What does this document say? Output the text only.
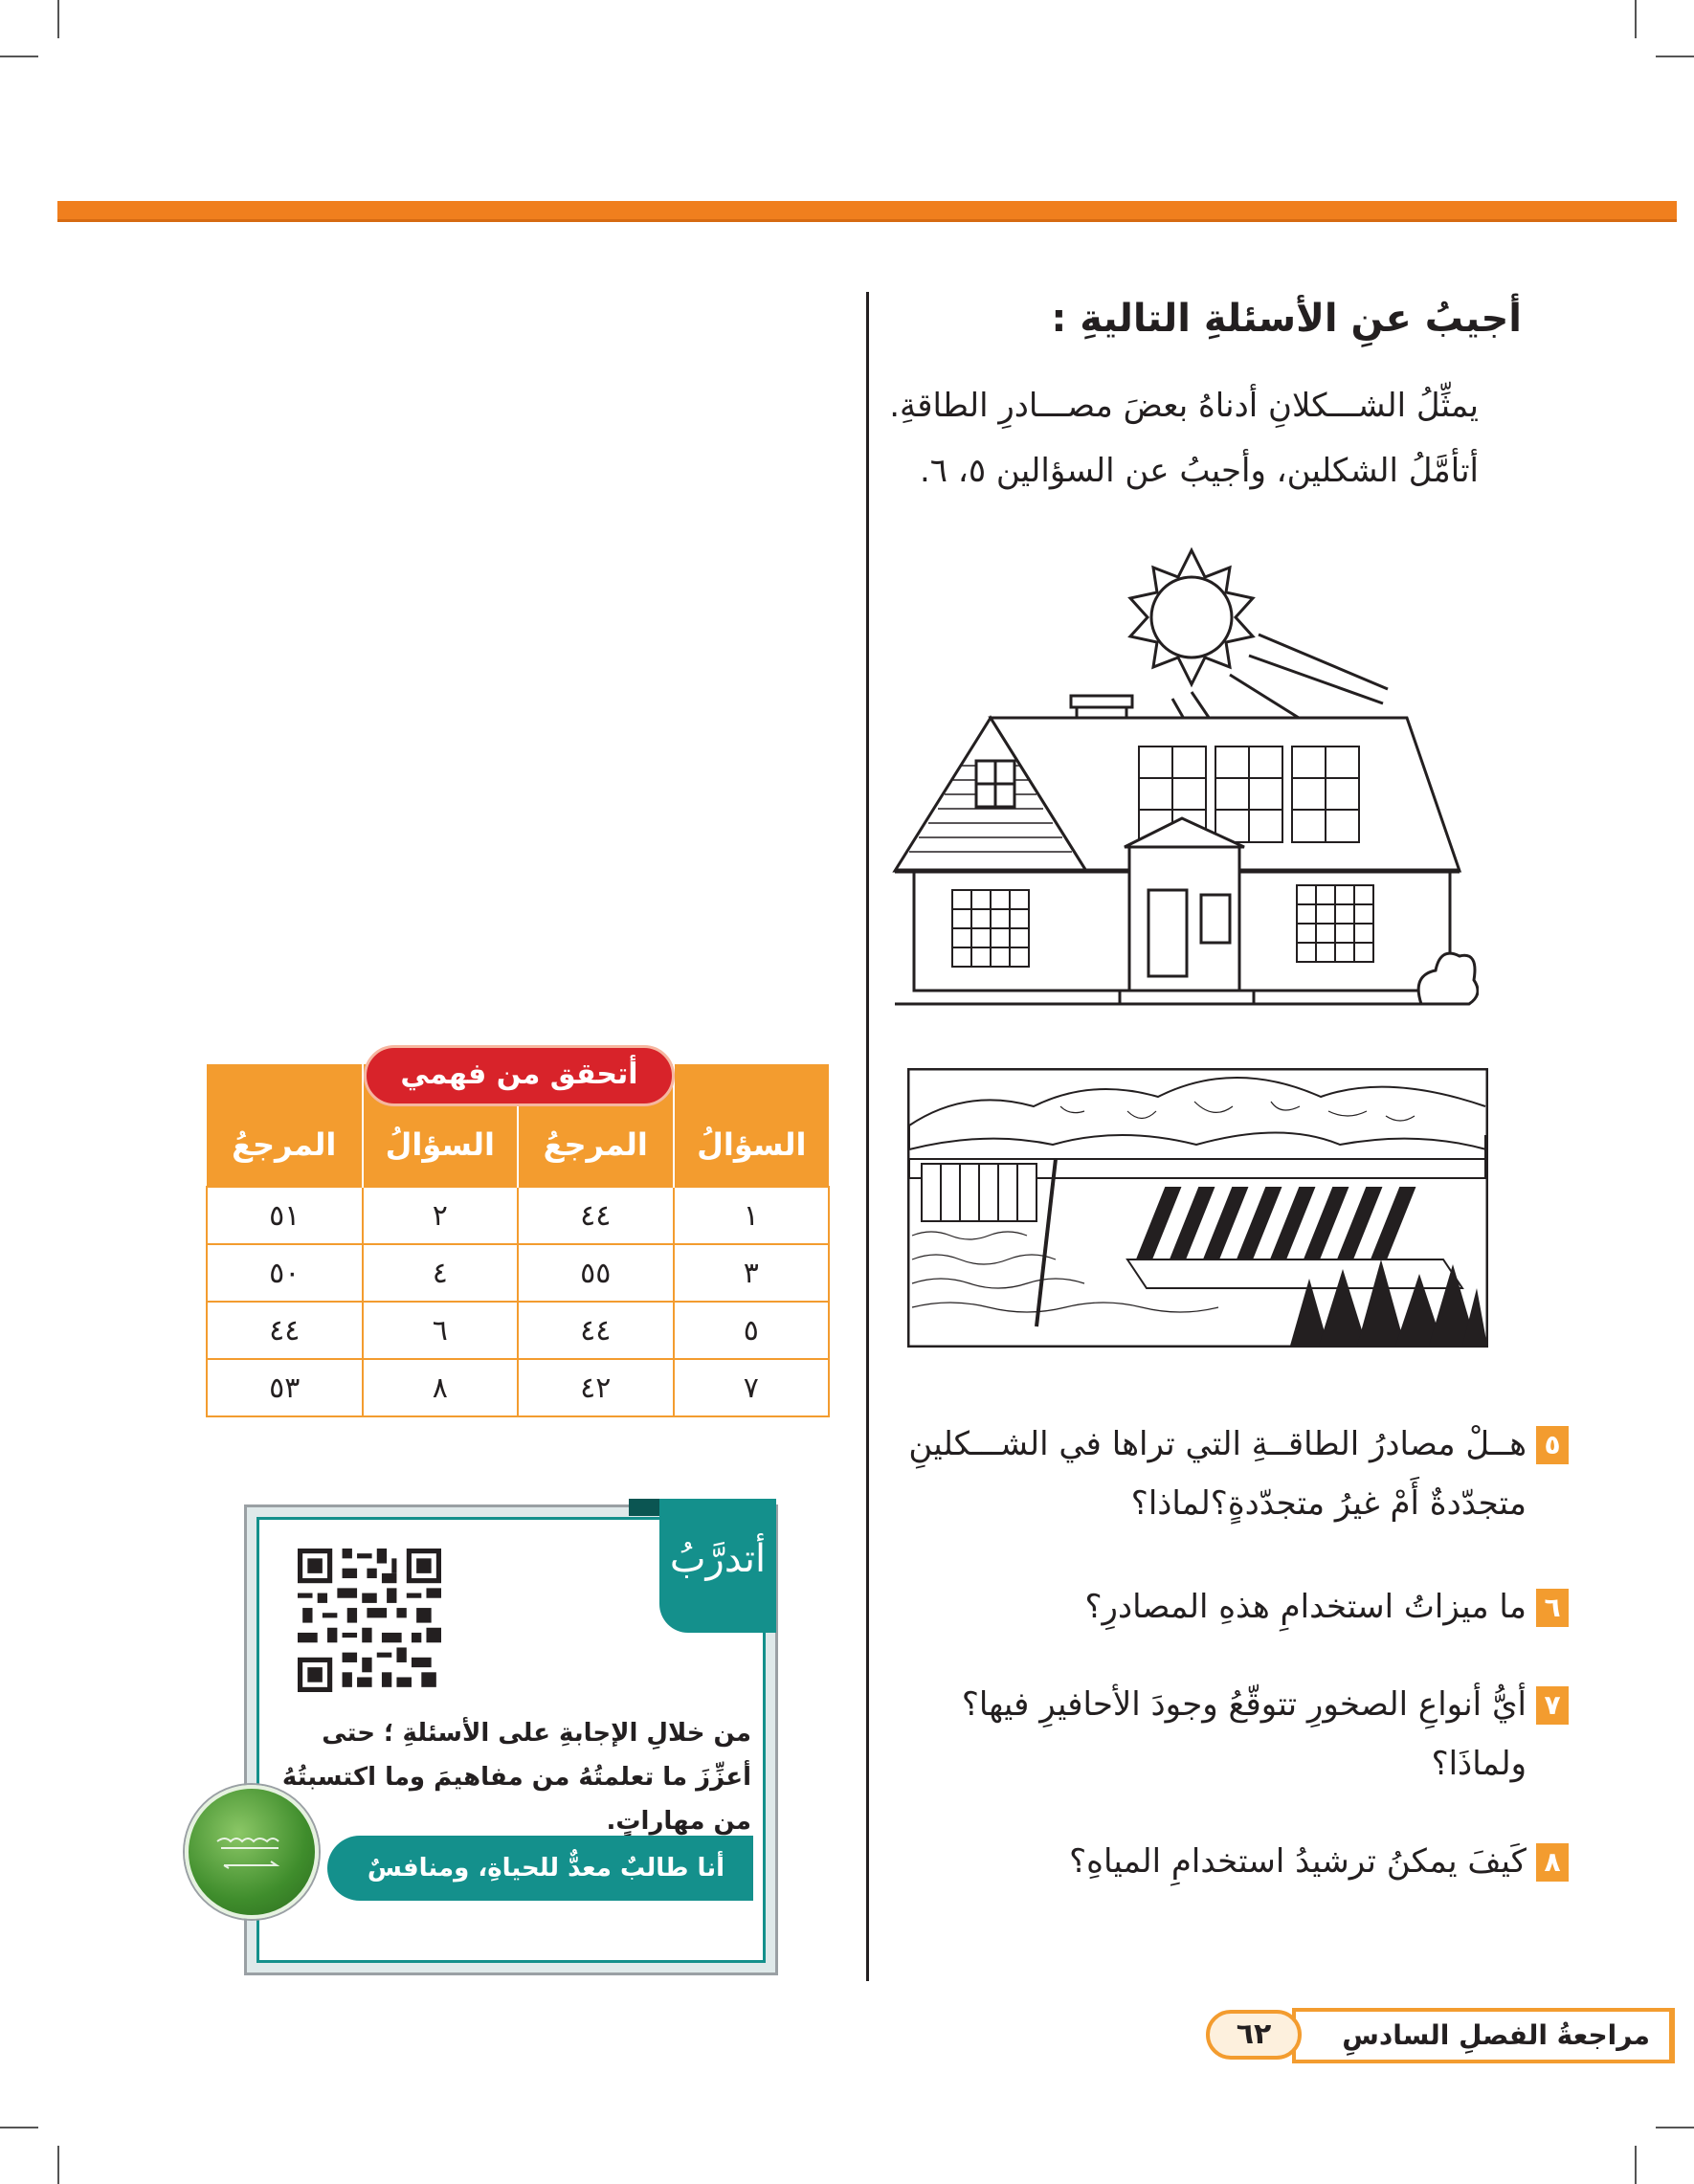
أجيبُ عنِ الأسئلةِ التاليةِ :
يمثِّلُ الشـــكلانِ أدناهُ بعضَ مصـــادرِ الطاقةِ.
أتأمَّلُ الشكلين، وأجيبُ عن السؤالين ٥، ٦.
٥
هــلْ مصادرُ الطاقــةِ التي تراها في الشـــكلينِ متجدّدةٌ أَمْ غيرُ متجدّدةٍ؟لماذا؟
٦
ما ميزاتُ استخدامِ هذهِ المصادرِ؟
٧
أيُّ أنواعِ الصخورِ تتوقّعُ وجودَ الأحافيرِ فيها؟ ولماذَا؟
٨
كَيفَ يمكنُ ترشيدُ استخدامِ المياهِ؟
أتحقق من فهمي
السؤالُ	المرجعُ	السؤالُ	المرجعُ
١	٤٤	٢	٥١
٣	٥٥	٤	٥٠
٥	٤٤	٦	٤٤
٧	٤٢	٨	٥٣
أتدرَّبُ
من خلالِ الإجابةِ على الأسئلةِ ؛ حتى أعزِّزَ ما تعلمتُهُ من مفاهيمَ وما اكتسبتُهُ من مهاراتٍ.
أنا طالبٌ معدٌّ للحياةِ، ومنافسٌ عالميًّا.
مراجعةُ الفصلِ السادسِ
٦٢
